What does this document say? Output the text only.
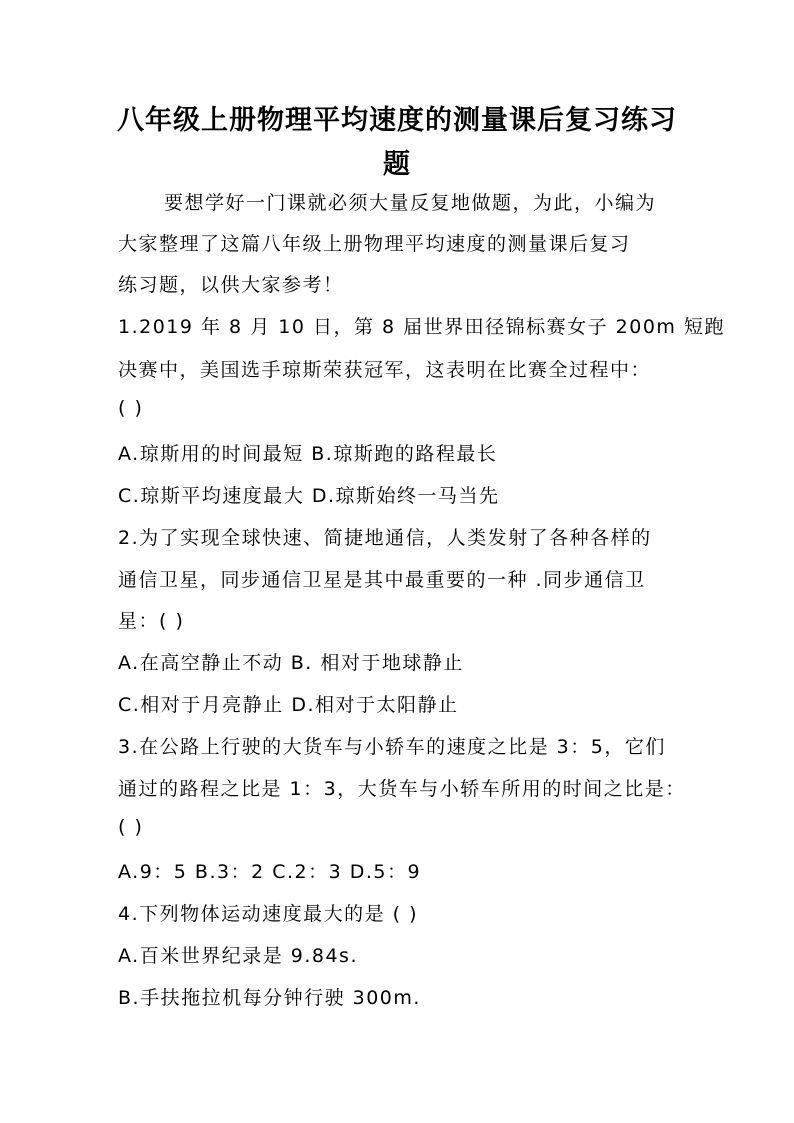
八年级上册物理平均速度的测量课后复习练习
题
要想学好一门课就必须大量反复地做题，为此，小编为
大家整理了这篇八年级上册物理平均速度的测量课后复习
练习题，以供大家参考！
1.2019 年 8 月 10 日，第 8 届世界田径锦标赛女子 200m 短跑
决赛中，美国选手琼斯荣获冠军，这表明在比赛全过程中：
( )
A.琼斯用的时间最短 B.琼斯跑的路程最长
C.琼斯平均速度最大 D.琼斯始终一马当先
2.为了实现全球快速、简捷地通信，人类发射了各种各样的
通信卫星，同步通信卫星是其中最重要的一种 .同步通信卫
星：( )
A.在高空静止不动 B. 相对于地球静止
C.相对于月亮静止 D.相对于太阳静止
3.在公路上行驶的大货车与小轿车的速度之比是 3：5，它们
通过的路程之比是 1：3，大货车与小轿车所用的时间之比是：
( )
A.9：5 B.3：2 C.2：3 D.5：9
4.下列物体运动速度最大的是 ( )
A.百米世界纪录是 9.84s.
B.手扶拖拉机每分钟行驶 300m.
